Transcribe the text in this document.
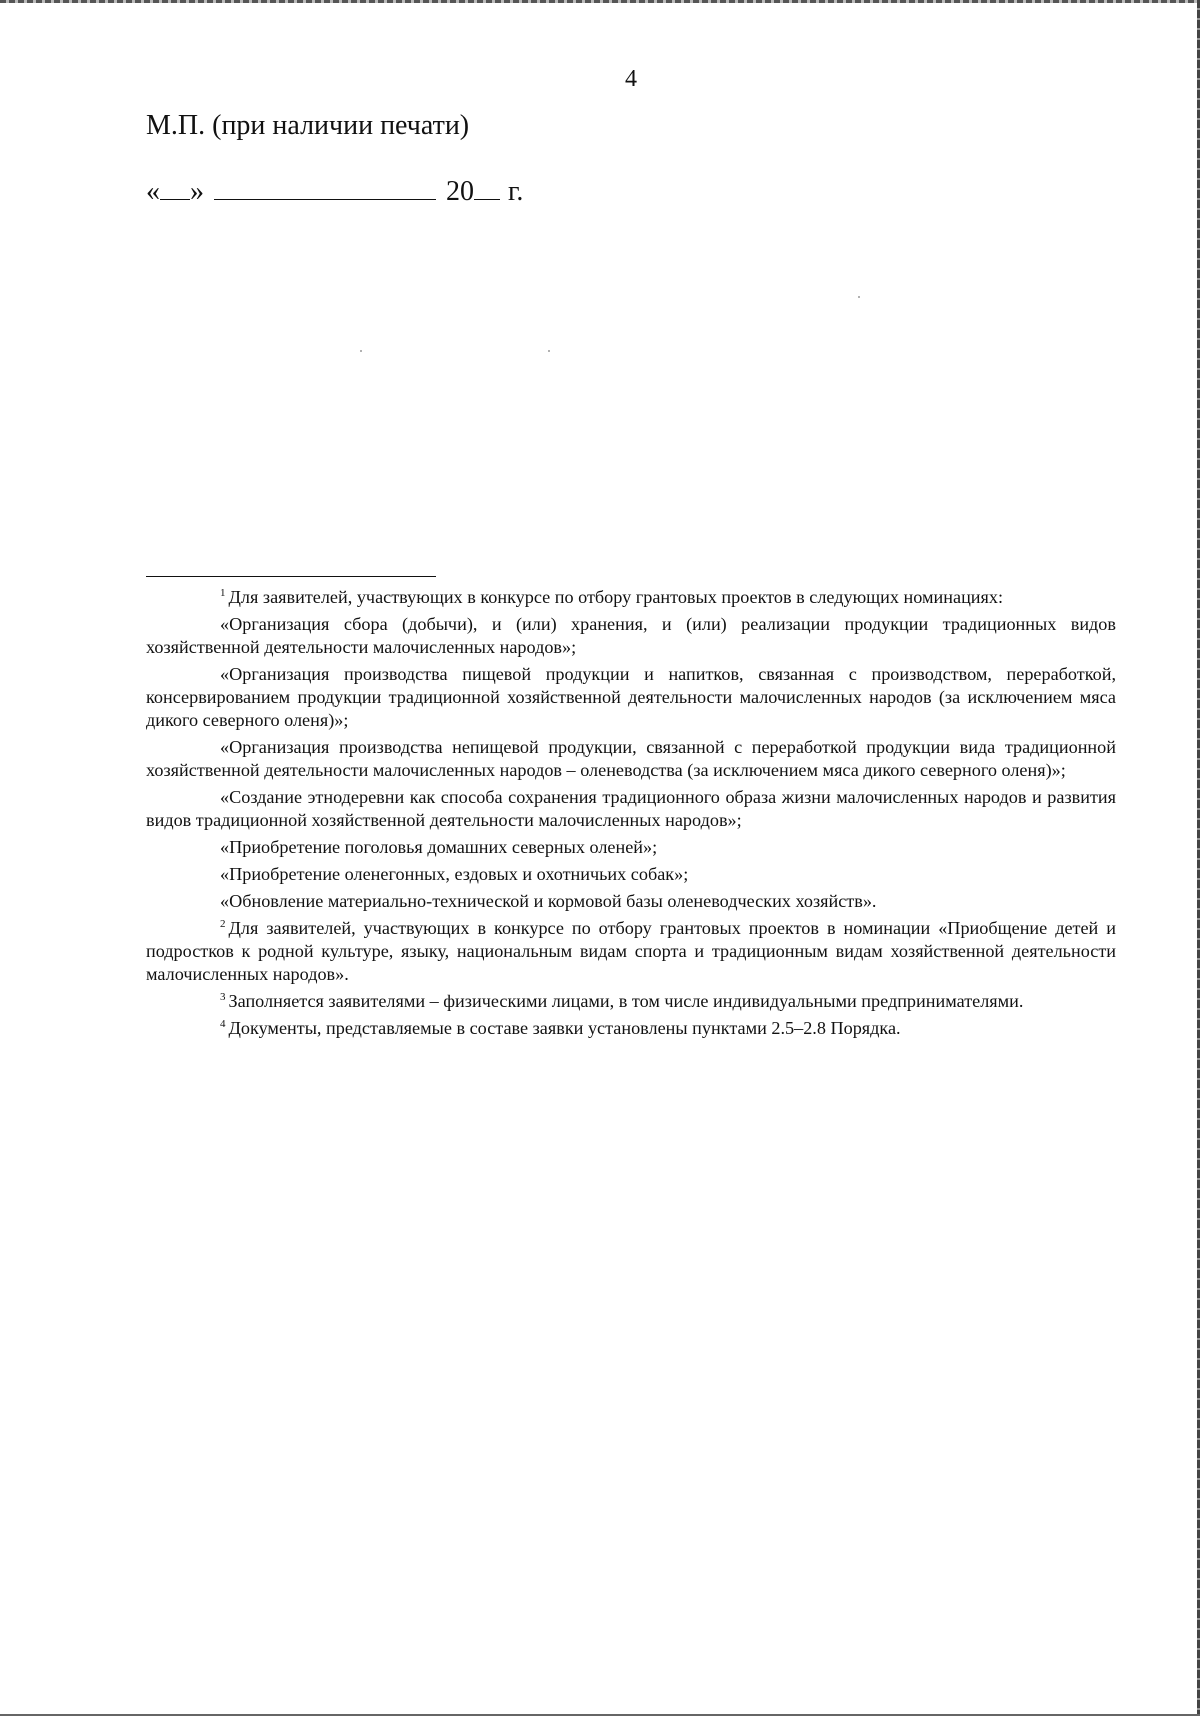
4
М.П. (при наличии печати)
« »	20 г.

$^1$ Для заявителей, участвующих в конкурсе по отбору грантовых проектов в следующих номинациях:

«Организация сбора (добычи), и (или) хранения, и (или) реализации продукции традиционных видов хозяйственной деятельности малочисленных народов»;

«Организация производства пищевой продукции и напитков, связанная с производством, переработкой, консервированием продукции традиционной хозяйственной деятельности малочисленных народов (за исключением мяса дикого северного оленя)»;

«Организация производства непищевой продукции, связанной с переработкой продукции вида традиционной хозяйственной деятельности малочисленных народов – оленеводства (за исключением мяса дикого северного оленя)»;

«Создание этнодеревни как способа сохранения традиционного образа жизни малочисленных народов и развития видов традиционной хозяйственной деятельности малочисленных народов»;

«Приобретение поголовья домашних северных оленей»;

«Приобретение оленегонных, ездовых и охотничьих собак»;

«Обновление материально-технической и кормовой базы оленеводческих хозяйств».

$^2$ Для заявителей, участвующих в конкурсе по отбору грантовых проектов в номинации «Приобщение детей и подростков к родной культуре, языку, национальным видам спорта и традиционным видам хозяйственной деятельности малочисленных народов».

$^3$ Заполняется заявителями – физическими лицами, в том числе индивидуальными предпринимателями.

$^4$ Документы, представляемые в составе заявки установлены пунктами 2.5–2.8 Порядка.
